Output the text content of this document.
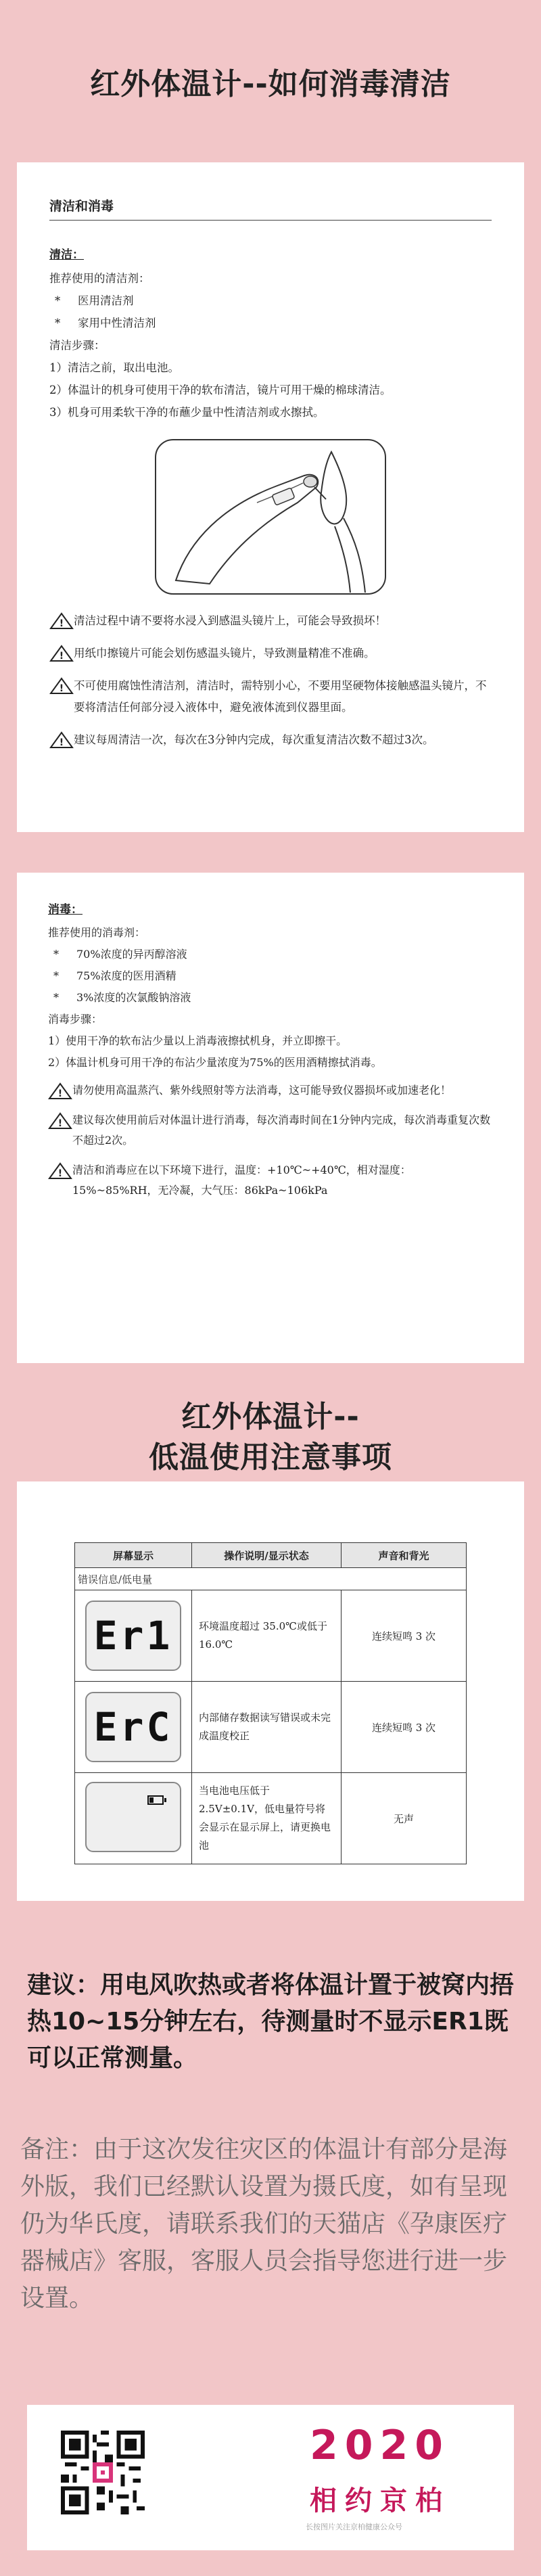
红外体温计--如何消毒清洁
清洁和消毒
清洁：
推荐使用的清洁剂：
* 医用清洁剂
* 家用中性清洁剂
清洁步骤：
1）清洁之前，取出电池。
2）体温计的机身可使用干净的软布清洁，镜片可用干燥的棉球清洁。
3）机身可用柔软干净的布蘸少量中性清洁剂或水擦拭。
! 清洁过程中请不要将水浸入到感温头镜片上，可能会导致损坏！
! 用纸巾擦镜片可能会划伤感温头镜片，导致测量精准不准确。
! 不可使用腐蚀性清洁剂，清洁时，需特别小心，不要用坚硬物体接触感温头镜片，不要将清洁任何部分浸入液体中，避免液体流到仪器里面。
! 建议每周清洁一次，每次在3分钟内完成，每次重复清洁次数不超过3次。
消毒：
推荐使用的消毒剂：
* 70%浓度的异丙醇溶液
* 75%浓度的医用酒精
* 3%浓度的次氯酸钠溶液
消毒步骤：
1）使用干净的软布沾少量以上消毒液擦拭机身，并立即擦干。
2）体温计机身可用干净的布沾少量浓度为75%的医用酒精擦拭消毒。
! 请勿使用高温蒸汽、紫外线照射等方法消毒，这可能导致仪器损坏或加速老化！
! 建议每次使用前后对体温计进行消毒，每次消毒时间在1分钟内完成，每次消毒重复次数不超过2次。
! 清洁和消毒应在以下环境下进行，温度：+10℃~+40℃，相对湿度：15%~85%RH，无冷凝，大气压：86kPa~106kPa
红外体温计--
低温使用注意事项
屏幕显示	操作说明/显示状态	声音和背光
错误信息/低电量		
Er1	环境温度超过 35.0℃或低于 16.0℃	连续短鸣 3 次
ErC	内部储存数据读写错误或未完成温度校正	连续短鸣 3 次

	当电池电压低于 2.5V±0.1V，低电量符号将会显示在显示屏上，请更换电池	无声
建议：用电风吹热或者将体温计置于被窝内捂热10~15分钟左右，待测量时不显示ER1既可以正常测量。
备注：由于这次发往灾区的体温计有部分是海外版，我们已经默认设置为摄氏度，如有呈现仍为华氏度，请联系我们的天猫店《孕康医疗器械店》客服，客服人员会指导您进行进一步设置。
2020
相约京柏
长按图片关注京柏健康公众号
